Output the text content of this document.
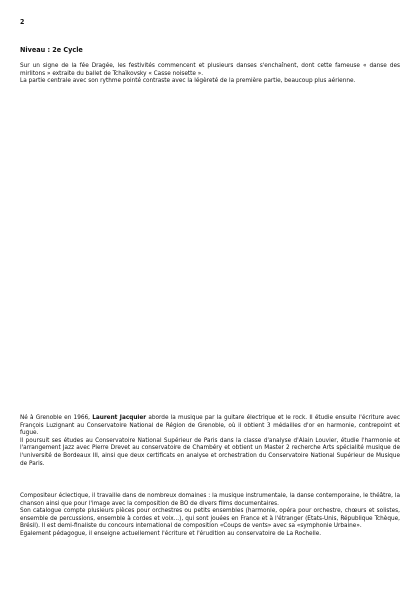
2
Niveau : 2e Cycle

Sur un signe de la fée Dragée, les festivités commencent et plusieurs danses s'enchaînent, dont cette fameuse « danse des mirlitons » extraite du ballet de Tchaïkovsky « Casse noisette ».

La partie centrale avec son rythme pointé contraste avec la légèreté de la première partie, beaucoup plus aérienne.

Né à Grenoble en 1966, Laurent Jacquier aborde la musique par la guitare électrique et le rock. Il étudie ensuite l'écriture avec François Luzignant au Conservatoire National de Région de Grenoble, où il obtient 3 médailles d'or en harmonie, contrepoint et fugue.

Il poursuit ses études au Conservatoire National Supérieur de Paris dans la classe d'analyse d'Alain Louvier, étudie l'harmonie et l'arrangement Jazz avec Pierre Drevet au conservatoire de Chambéry et obtient un Master 2 recherche Arts spécialité musique de l'université de Bordeaux III, ainsi que deux certificats en analyse et orchestration du Conservatoire National Supérieur de Musique de Paris.

Compositeur éclectique, il travaille dans de nombreux domaines : la musique instrumentale, la danse contemporaine, le théâtre, la chanson ainsi que pour l'image avec la composition de BO de divers films documentaires.

Son catalogue compte plusieurs pièces pour orchestres ou petits ensembles (harmonie, opéra pour orchestre, chœurs et solistes, ensemble de percussions, ensemble à cordes et voix...), qui sont jouées en France et à l'étranger (Etats-Unis, République Tchèque, Brésil). Il est demi-finaliste du concours international de composition «Coups de vents» avec sa «symphonie Urbaine».

Egalement pédagogue, il enseigne actuellement l'écriture et l'érudition au conservatoire de La Rochelle.
